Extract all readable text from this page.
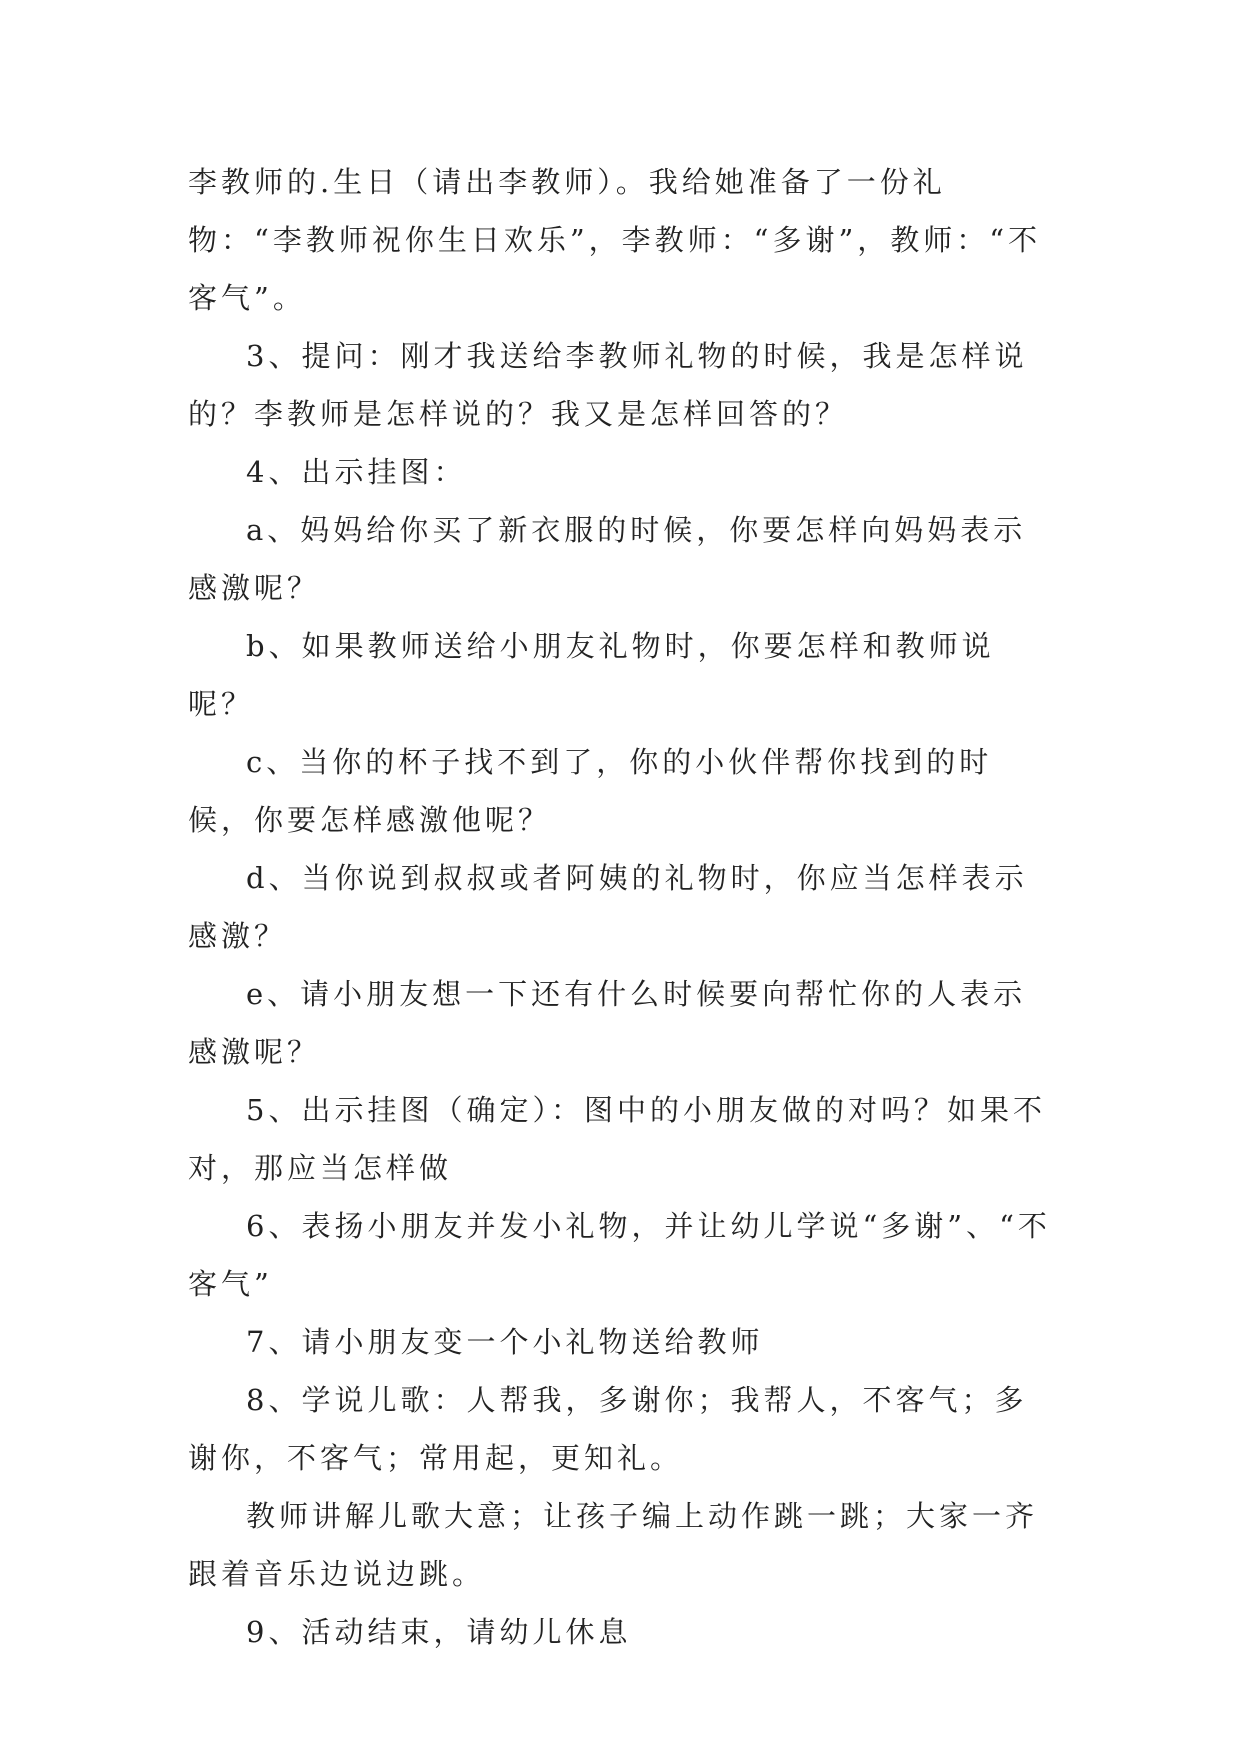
李教师的.生日（请出李教师）。我给她准备了一份礼物：“李教师祝你生日欢乐”，李教师：“多谢”，教师：“不客气”。

3、提问：刚才我送给李教师礼物的时候，我是怎样说的？李教师是怎样说的？我又是怎样回答的？

4、出示挂图：

a、妈妈给你买了新衣服的时候，你要怎样向妈妈表示感激呢？

b、如果教师送给小朋友礼物时，你要怎样和教师说呢？

c、当你的杯子找不到了，你的小伙伴帮你找到的时候，你要怎样感激他呢？

d、当你说到叔叔或者阿姨的礼物时，你应当怎样表示感激？

e、请小朋友想一下还有什么时候要向帮忙你的人表示感激呢？

5、出示挂图（确定）：图中的小朋友做的对吗？如果不对，那应当怎样做

6、表扬小朋友并发小礼物，并让幼儿学说“多谢”、“不客气”

7、请小朋友变一个小礼物送给教师

8、学说儿歌：人帮我，多谢你；我帮人，不客气；多谢你，不客气；常用起，更知礼。

教师讲解儿歌大意；让孩子编上动作跳一跳；大家一齐跟着音乐边说边跳。

9、活动结束，请幼儿休息
